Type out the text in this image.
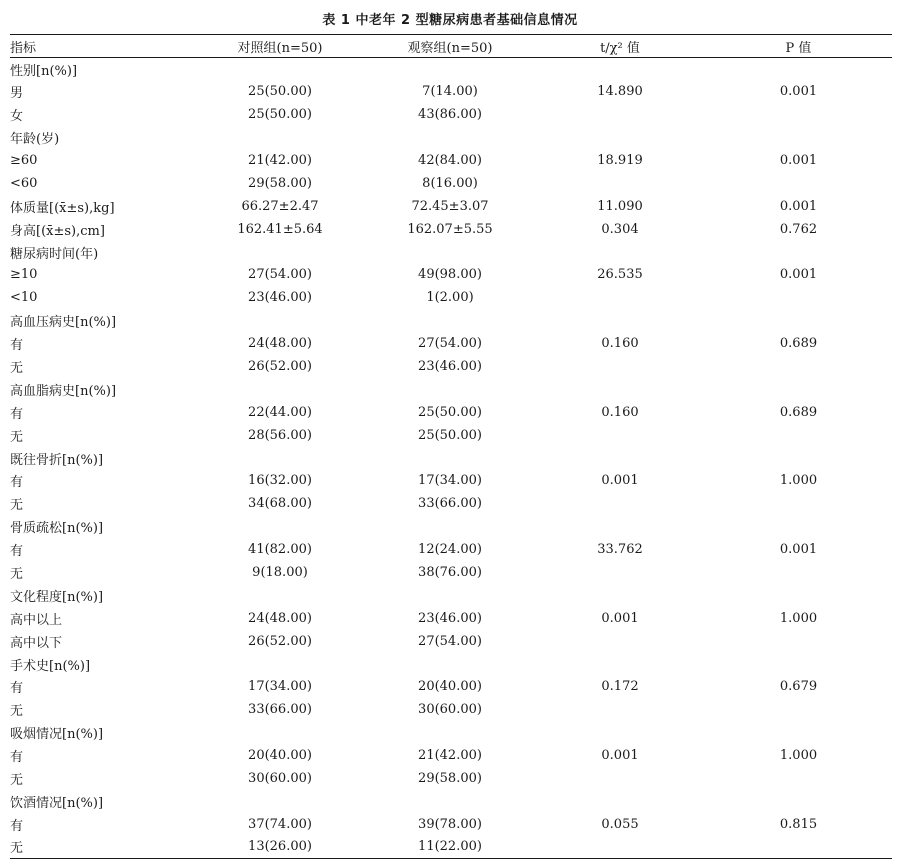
表 1 中老年 2 型糖尿病患者基础信息情况
指标	对照组(n=50)	观察组(n=50)	t/χ² 值	P 值
性别[n(%)]				
男	25(50.00)	7(14.00)	14.890	0.001
女	25(50.00)	43(86.00)		
年龄(岁)				
≥60	21(42.00)	42(84.00)	18.919	0.001
<60	29(58.00)	8(16.00)		
体质量[(x̄±s),kg]	66.27±2.47	72.45±3.07	11.090	0.001
身高[(x̄±s),cm]	162.41±5.64	162.07±5.55	0.304	0.762
糖尿病时间(年)				
≥10	27(54.00)	49(98.00)	26.535	0.001
<10	23(46.00)	1(2.00)		
高血压病史[n(%)]				
有	24(48.00)	27(54.00)	0.160	0.689
无	26(52.00)	23(46.00)		
高血脂病史[n(%)]				
有	22(44.00)	25(50.00)	0.160	0.689
无	28(56.00)	25(50.00)		
既往骨折[n(%)]				
有	16(32.00)	17(34.00)	0.001	1.000
无	34(68.00)	33(66.00)		
骨质疏松[n(%)]				
有	41(82.00)	12(24.00)	33.762	0.001
无	9(18.00)	38(76.00)		
文化程度[n(%)]				
高中以上	24(48.00)	23(46.00)	0.001	1.000
高中以下	26(52.00)	27(54.00)		
手术史[n(%)]				
有	17(34.00)	20(40.00)	0.172	0.679
无	33(66.00)	30(60.00)		
吸烟情况[n(%)]				
有	20(40.00)	21(42.00)	0.001	1.000
无	30(60.00)	29(58.00)		
饮酒情况[n(%)]				
有	37(74.00)	39(78.00)	0.055	0.815
无	13(26.00)	11(22.00)		
